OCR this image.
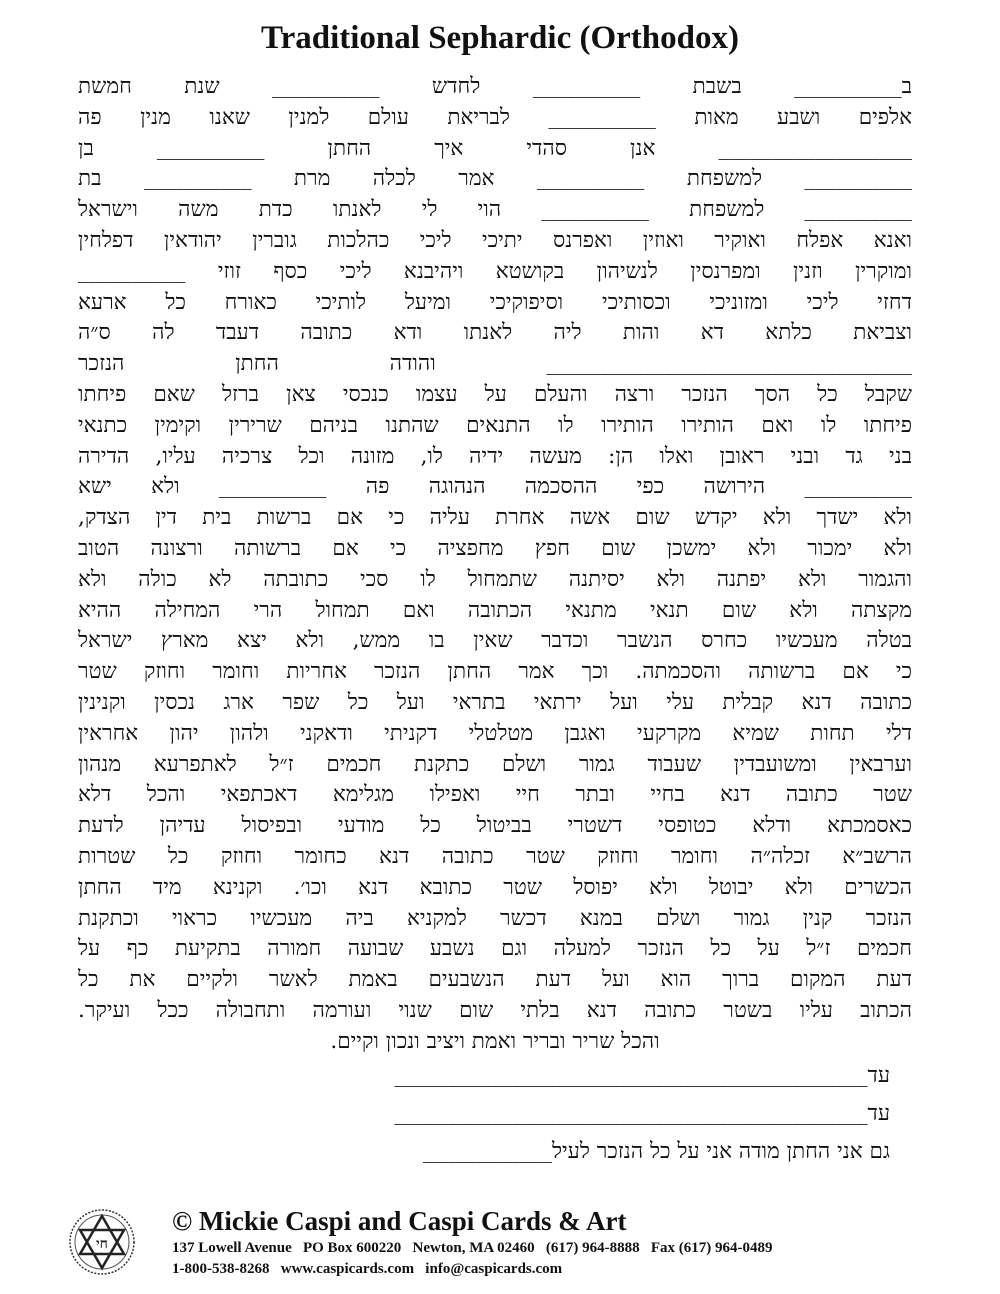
Traditional Sephardic (Orthodox)
ב__________ בשבת __________ לחדש __________ שנת חמשת
אלפים ושבע מאות __________ לבריאת עולם למנין שאנו מנין פה
__________________ אנן סהדי איך החתן __________ בן
__________ למשפחת __________ אמר לכלה מרת __________ בת
__________ למשפחת __________ הוי לי לאנתו כדת משה וישראל
ואנא אפלח ואוקיר ואוזין ואפרנס יתיכי ליכי כהלכות גוברין יהודאין דפלחין
ומוקרין וזנין ומפרנסין לנשיהון בקושטא ויהיבנא ליכי כסף זוזי __________
דחזי ליכי ומזוניכי וכסותיכי וסיפוקיכי ומיעל לותיכי כאורח כל ארעא
וצביאת כלתא דא והות ליה לאנתו ודא כתובה דעבד לה ס״ה
__________________________________ והודה החתן הנזכר
שקבל כל הסך הנזכר ורצה והעלם על עצמו כנכסי צאן ברזל שאם פיחתו
פיחתו לו ואם הותירו הותירו לו התנאים שהתנו בניהם שרירין וקימין כתנאי
בני גד ובני ראובן ואלו הן: מעשה ידיה לו, מזונה וכל צרכיה עליו, הדירה
__________ הירושה כפי ההסכמה הנהוגה פה __________ ולא ישא
ולא ישדך ולא יקדש שום אשה אחרת עליה כי אם ברשות בית דין הצדק,
ולא ימכור ולא ימשכן שום חפץ מחפציה כי אם ברשותה ורצונה הטוב
והגמור ולא יפתנה ולא יסיתנה שתמחול לו סכי כתובתה לא כולה ולא
מקצתה ולא שום תנאי מתנאי הכתובה ואם תמחול הרי המחילה ההיא
בטלה מעכשיו כחרס הנשבר וכדבר שאין בו ממש, ולא יצא מארץ ישראל
כי אם ברשותה והסכמתה. וכך אמר החתן הנזכר אחריות וחומר וחוזק שטר
כתובה דנא קבלית עלי ועל ירתאי בתראי ועל כל שפר ארג נכסין וקנינין
דלי תחות שמיא מקרקעי ואגבן מטלטלי דקניתי ודאקני ולהון יהון אחראין
וערבאין ומשועבדין שעבוד גמור ושלם כתקנת חכמים ז״ל לאתפרעא מנהון
שטר כתובה דנא בחיי ובתר חיי ואפילו מגלימא דאכתפאי והכל דלא
כאסמכתא ודלא כטופסי דשטרי בביטול כל מודעי ובפיסול עדיהן לדעת
הרשב״א זכלה״ה וחומר וחוזק שטר כתובה דנא כחומר וחוזק כל שטרות
הכשרים ולא יבוטל ולא יפוסל שטר כתובא דנא וכו׳. וקנינא מיד החתן
הנזכר קנין גמור ושלם במנא דכשר למקניא ביה מעכשיו כראוי וכתקנת
חכמים ז״ל על כל הנזכר למעלה וגם נשבע שבועה חמורה בתקיעת כף על
דעת המקום ברוך הוא ועל דעת הנשבעים באמת לאשר ולקיים את כל
הכתוב עליו בשטר כתובה דנא בלתי שום שנוי ועורמה ותחבולה ככל ועיקר.
והכל שריר ובריר ואמת ויציב ונכון וקיים.
עד____________________________________________
עד____________________________________________
גם אני החתן מודה אני על כל הנזכר לעיל____________
חי
© Mickie Caspi and Caspi Cards & Art
137 Lowell Avenue   PO Box 600220   Newton, MA 02460   (617) 964-8888   Fax (617) 964-0489
1-800-538-8268   www.caspicards.com   info@caspicards.com
